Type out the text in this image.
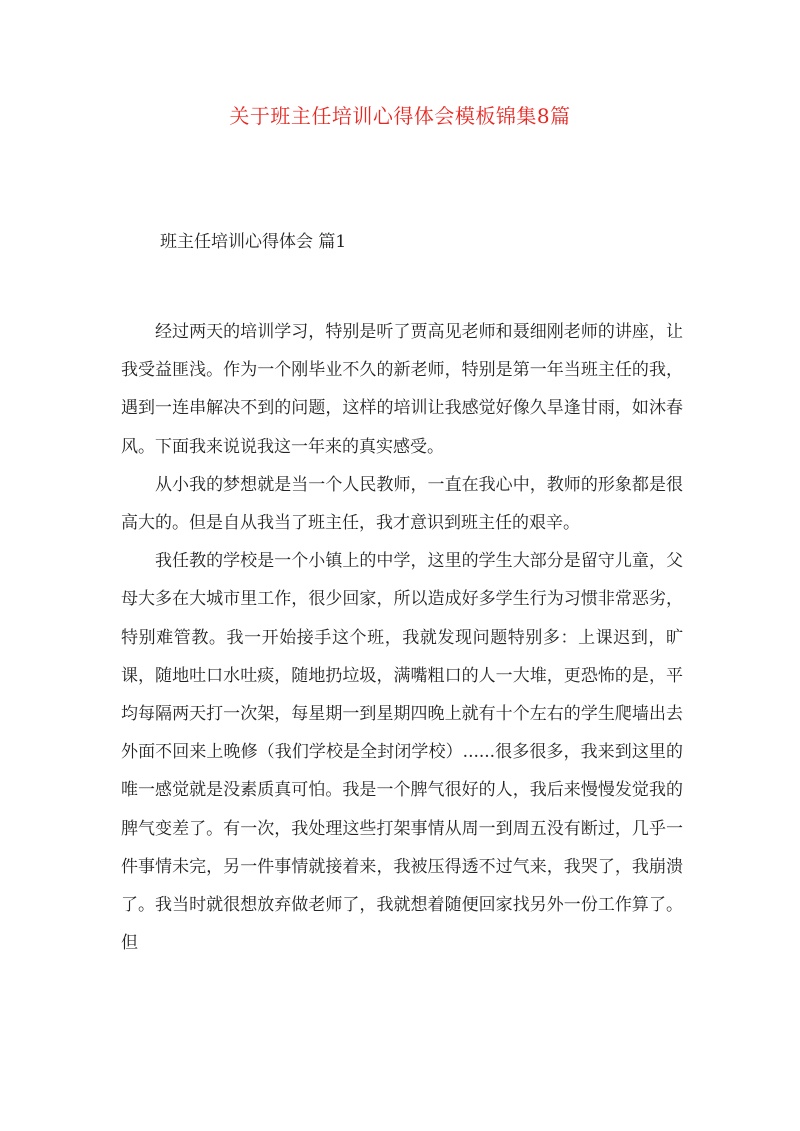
关于班主任培训心得体会模板锦集8篇
班主任培训心得体会 篇1

经过两天的培训学习，特别是听了贾高见老师和聂细刚老师的讲座，让我受益匪浅。作为一个刚毕业不久的新老师，特别是第一年当班主任的我，遇到一连串解决不到的问题，这样的培训让我感觉好像久旱逢甘雨，如沐春风。下面我来说说我这一年来的真实感受。

从小我的梦想就是当一个人民教师，一直在我心中，教师的形象都是很高大的。但是自从我当了班主任，我才意识到班主任的艰辛。

我任教的学校是一个小镇上的中学，这里的学生大部分是留守儿童，父母大多在大城市里工作，很少回家，所以造成好多学生行为习惯非常恶劣，特别难管教。我一开始接手这个班，我就发现问题特别多：上课迟到，旷课，随地吐口水吐痰，随地扔垃圾，满嘴粗口的人一大堆，更恐怖的是，平均每隔两天打一次架，每星期一到星期四晚上就有十个左右的学生爬墙出去外面不回来上晚修（我们学校是全封闭学校）......很多很多，我来到这里的唯一感觉就是没素质真可怕。我是一个脾气很好的人，我后来慢慢发觉我的脾气变差了。有一次，我处理这些打架事情从周一到周五没有断过，几乎一件事情未完，另一件事情就接着来，我被压得透不过气来，我哭了，我崩溃了。我当时就很想放弃做老师了，我就想着随便回家找另外一份工作算了。但
